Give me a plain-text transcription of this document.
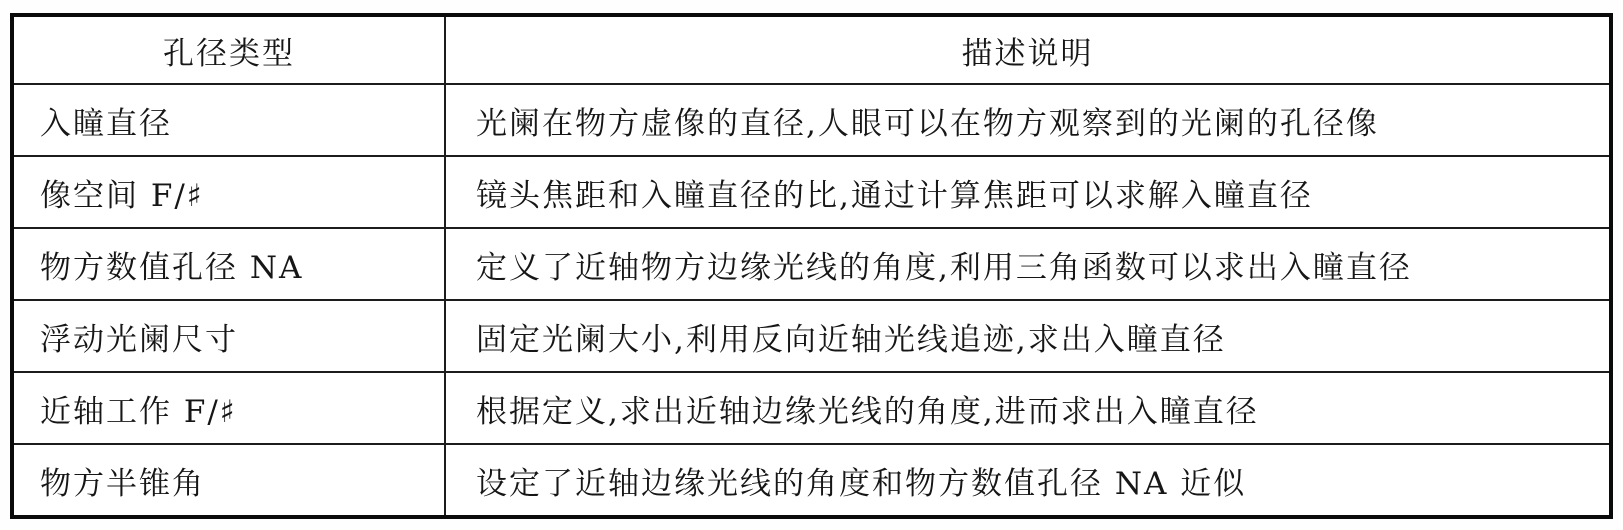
孔径类型	描述说明
入瞳直径	光阑在物方虚像的直径,人眼可以在物方观察到的光阑的孔径像
像空间 F/♯	镜头焦距和入瞳直径的比,通过计算焦距可以求解入瞳直径
物方数值孔径 NA	定义了近轴物方边缘光线的角度,利用三角函数可以求出入瞳直径
浮动光阑尺寸	固定光阑大小,利用反向近轴光线追迹,求出入瞳直径
近轴工作 F/♯	根据定义,求出近轴边缘光线的角度,进而求出入瞳直径
物方半锥角	设定了近轴边缘光线的角度和物方数值孔径 NA 近似
